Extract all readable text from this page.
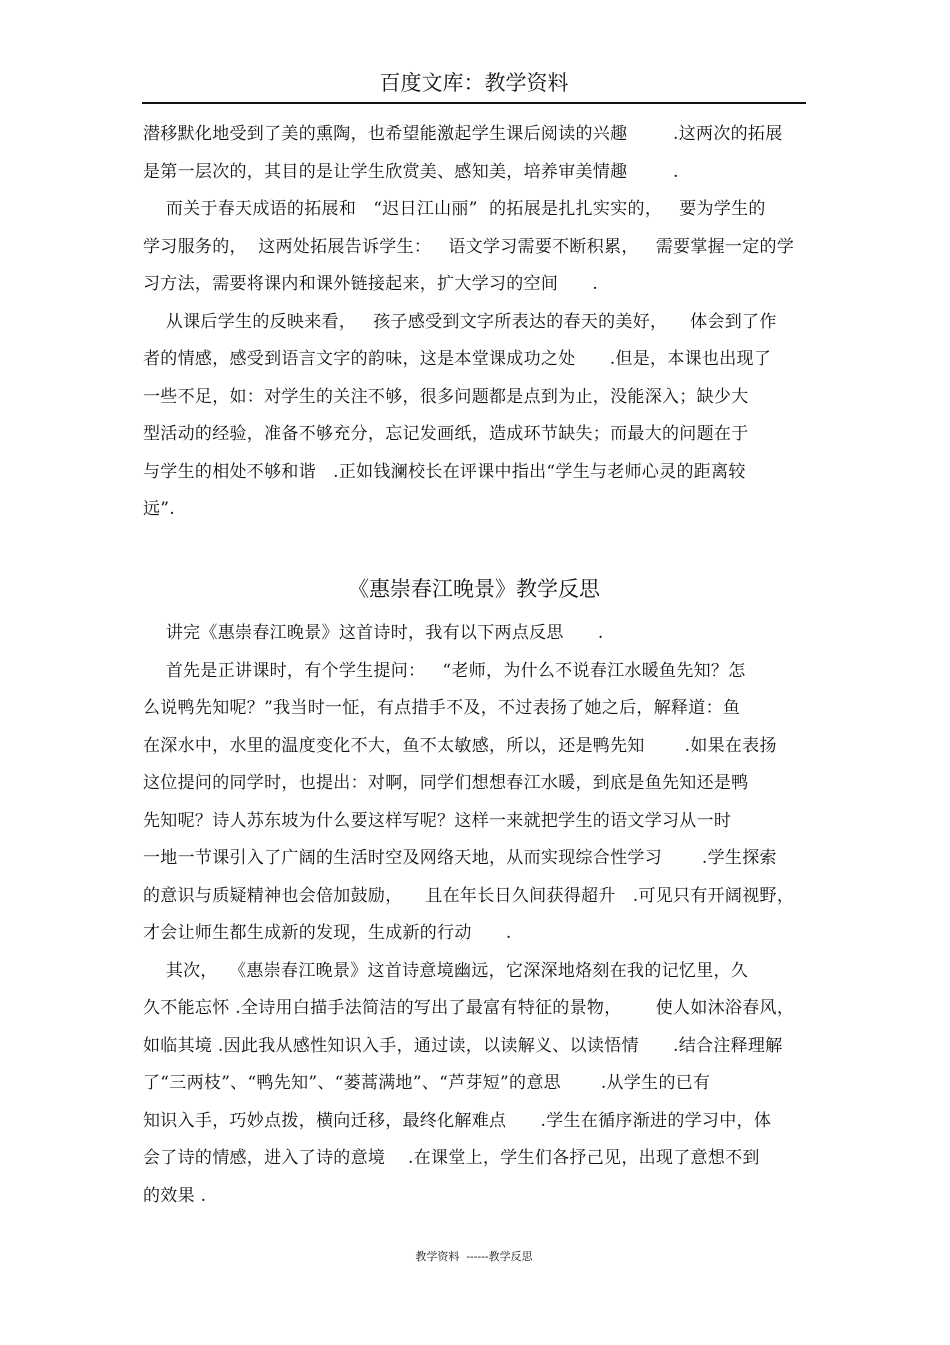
百度文库：教学资料
潜移默化地受到了美的熏陶，也希望能激起学生课后阅读的兴趣        .这两次的拓展
是第一层次的，其目的是让学生欣赏美、感知美，培养审美情趣        .
而关于春天成语的拓展和   “迟日江山丽”  的拓展是扎扎实实的，   要为学生的
学习服务的，  这两处拓展告诉学生：   语文学习需要不断积累，   需要掌握一定的学
习方法，需要将课内和课外链接起来，扩大学习的空间      .
从课后学生的反映来看，   孩子感受到文字所表达的春天的美好，    体会到了作
者的情感，感受到语言文字的韵味，这是本堂课成功之处      .但是，本课也出现了
一些不足，如：对学生的关注不够，很多问题都是点到为止，没能深入；缺少大
型活动的经验，准备不够充分，忘记发画纸，造成环节缺失；而最大的问题在于
与学生的相处不够和谐   .正如钱澜校长在评课中指出“学生与老师心灵的距离较
远”.
《惠崇春江晚景》教学反思
讲完《惠崇春江晚景》这首诗时，我有以下两点反思      .
首先是正讲课时，有个学生提问：   “老师，为什么不说春江水暖鱼先知？怎
么说鸭先知呢？”我当时一怔，有点措手不及，不过表扬了她之后，解释道：鱼
在深水中，水里的温度变化不大，鱼不太敏感，所以，还是鸭先知       .如果在表扬
这位提问的同学时，也提出：对啊，同学们想想春江水暖，到底是鱼先知还是鸭
先知呢？诗人苏东坡为什么要这样写呢？这样一来就把学生的语文学习从一时
一地一节课引入了广阔的生活时空及网络天地，从而实现综合性学习       .学生探索
的意识与质疑精神也会倍加鼓励，    且在年长日久间获得超升   .可见只有开阔视野，
才会让师生都生成新的发现，生成新的行动      .
其次，  《惠崇春江晚景》这首诗意境幽远，它深深地烙刻在我的记忆里，久
久不能忘怀 .全诗用白描手法简洁的写出了最富有特征的景物，      使人如沐浴春风，
如临其境 .因此我从感性知识入手，通过读，以读解义、以读悟情      .结合注释理解
了“三两枝”、“鸭先知”、“蒌蒿满地”、“芦芽短”的意思       .从学生的已有
知识入手，巧妙点拨，横向迁移，最终化解难点      .学生在循序渐进的学习中，体
会了诗的情感，进入了诗的意境    .在课堂上，学生们各抒己见，出现了意想不到
的效果 .
教学资料  ------教学反思
